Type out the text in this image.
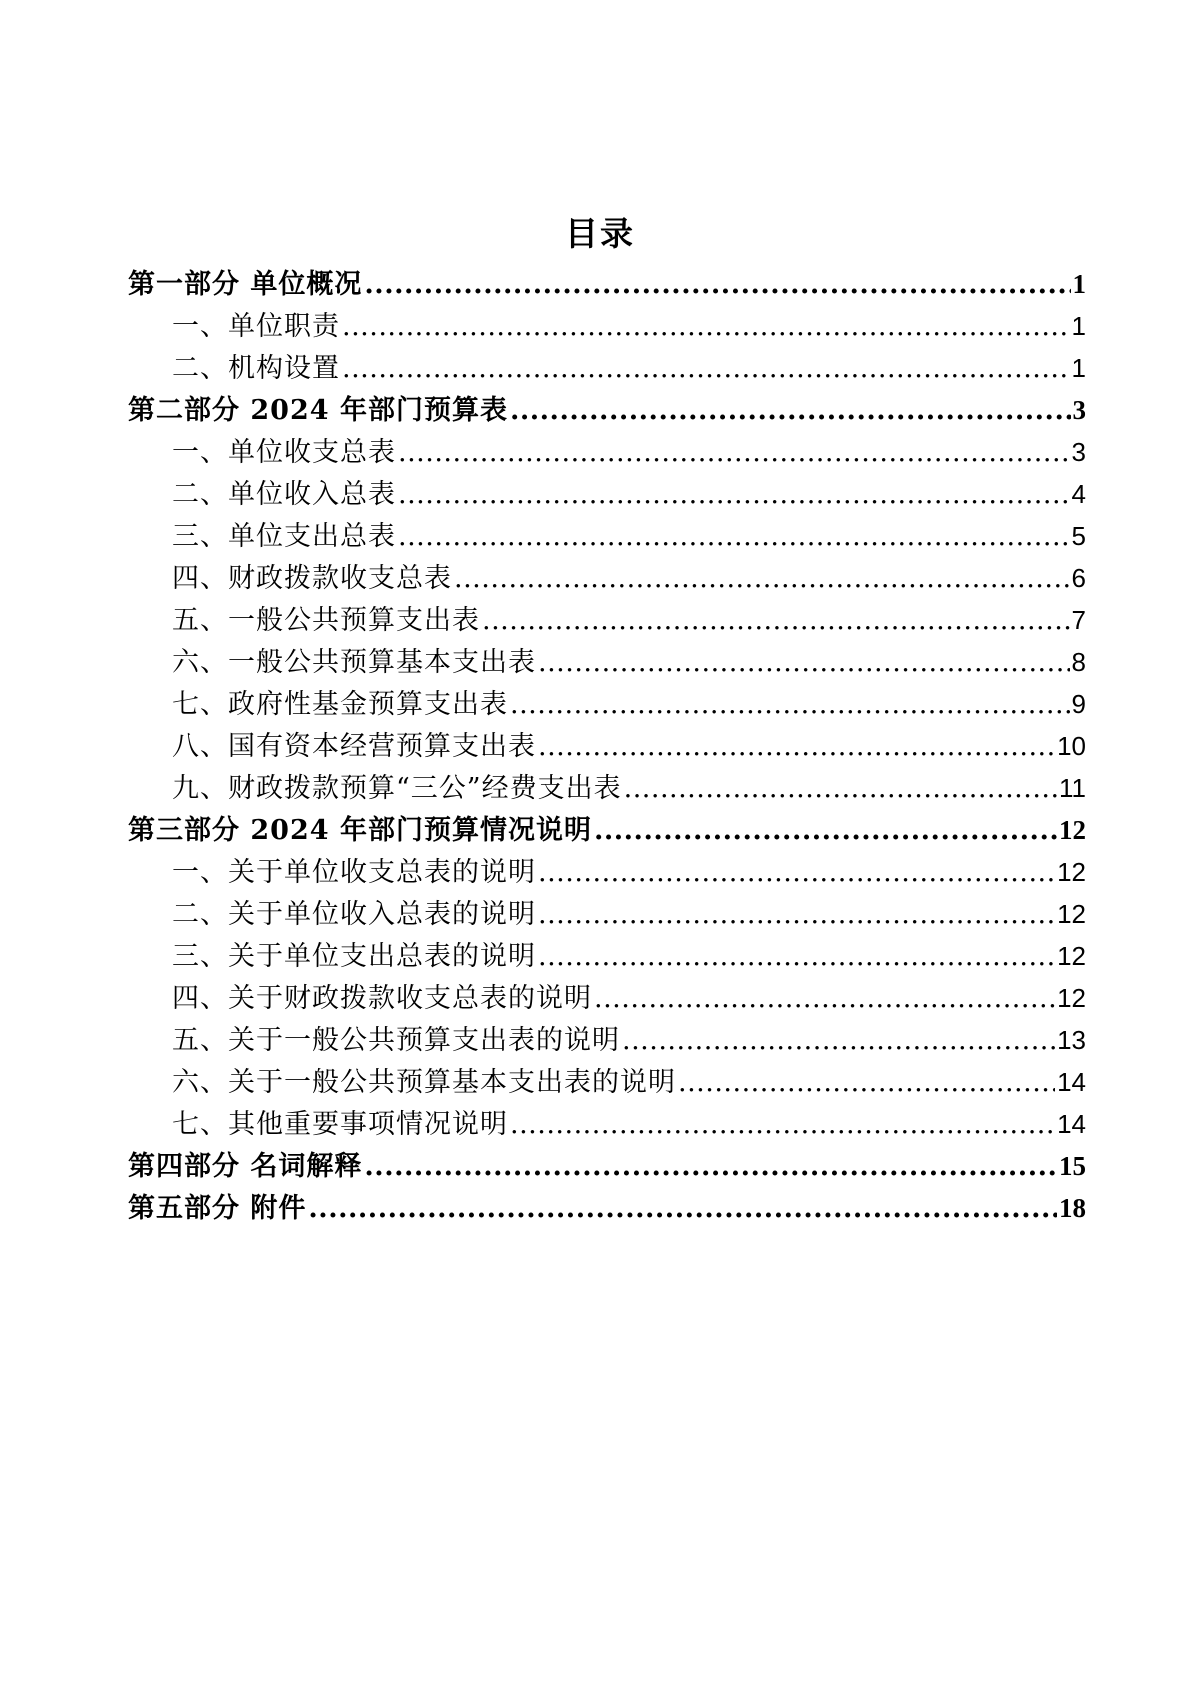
目录
第一部分 单位概况 .....	1
一、单位职责 .....	1
二、机构设置 .....	1
第二部分 2024 年部门预算表 .....	3
一、单位收支总表 .....	3
二、单位收入总表 .....	4
三、单位支出总表 .....	5
四、财政拨款收支总表 .....	6
五、一般公共预算支出表 .....	7
六、一般公共预算基本支出表 .....	8
七、政府性基金预算支出表 .....	9
八、国有资本经营预算支出表 .....	10
九、财政拨款预算“三公”经费支出表 .....	11
第三部分 2024 年部门预算情况说明 .....	12
一、关于单位收支总表的说明 .....	12
二、关于单位收入总表的说明 .....	12
三、关于单位支出总表的说明 .....	12
四、关于财政拨款收支总表的说明 .....	12
五、关于一般公共预算支出表的说明 .....	13
六、关于一般公共预算基本支出表的说明 .....	14
七、其他重要事项情况说明 .....	14
第四部分 名词解释 .....	15
第五部分 附件 .....	18
